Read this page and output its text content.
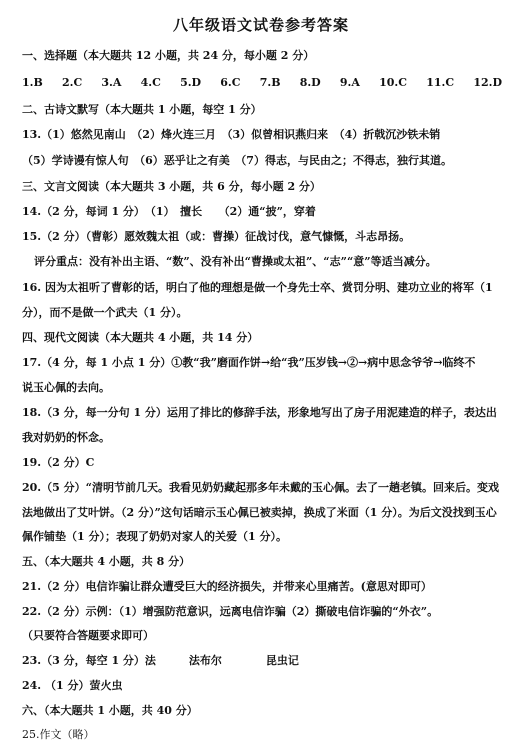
八年级语文试卷参考答案
一、选择题（本大题共 12 小题，共 24 分，每小题 2 分）
1.B 2.C 3.A 4.C 5.D 6.C 7.B 8.D 9.A 10.C 11.C 12.D
二、古诗文默写（本大题共 1 小题，每空 1 分）
13.（1）悠然见南山　（2）烽火连三月　（3）似曾相识燕归来　（4）折戟沉沙铁未销
（5）学诗谩有惊人句　（6）恶乎让之有美　（7）得志，与民由之；不得志，独行其道。
三、文言文阅读（本大题共 3 小题，共 6 分，每小题 2 分）
14.（2 分，每词 1 分）　（1）　擅长　　（2）通“披”，穿着
15.（2 分）（曹彰）愿效魏太祖（或：曹操）征战讨伐，意气慷慨，斗志昂扬。
评分重点：没有补出主语、“数”、没有补出“曹操或太祖”、“志”“意”等适当减分。
16. 因为太祖听了曹彰的话，明白了他的理想是做一个身先士卒、赏罚分明、建功立业的将军（1
分），而不是做一个武夫（1 分）。
四、现代文阅读（本大题共 4 小题，共 14 分）
17.（4 分，每 1 小点 1 分）①教“我”磨面作饼→给“我”压岁钱→②→病中思念爷爷→临终不
说玉心佩的去向。
18.（3 分，每一分句 1 分）运用了排比的修辞手法，形象地写出了房子用泥建造的样子，表达出
我对奶奶的怀念。
19.（2 分）C
20.（5 分）“清明节前几天。我看见奶奶藏起那多年未戴的玉心佩。去了一趟老镇。回来后。变戏
法地做出了艾叶饼。（2 分）”这句话暗示玉心佩已被卖掉，换成了米面（1 分）。为后文没找到玉心
佩作铺垫（1 分）；表现了奶奶对家人的关爱（1 分）。
五、（本大题共 4 小题，共 8 分）
21.（2 分）电信诈骗让群众遭受巨大的经济损失，并带来心里痛苦。(意思对即可）
22.（2 分）示例：（1）增强防范意识，远离电信诈骗（2）撕破电信诈骗的“外衣”。
（只要符合答题要求即可）
23.（3 分，每空 1 分）法　　　法布尔　　　　昆虫记
24. （1 分）萤火虫
六、（本大题共 1 小题，共 40 分）
25.作文（略）
